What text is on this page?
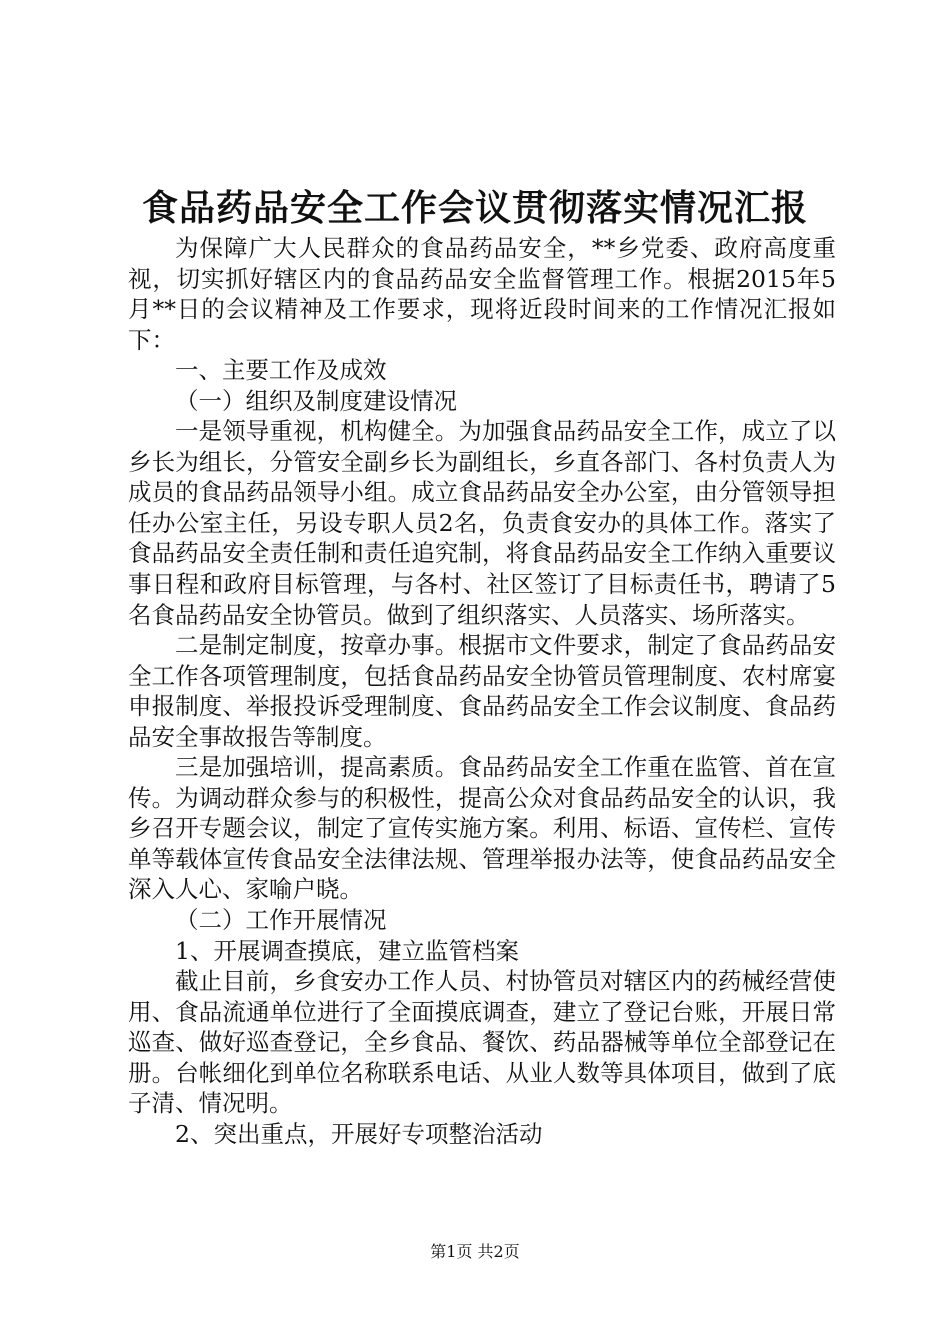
食品药品安全工作会议贯彻落实情况汇报

为保障广大人民群众的食品药品安全，**乡党委、政府高度重视，切实抓好辖区内的食品药品安全监督管理工作。根据2015年5月**日的会议精神及工作要求，现将近段时间来的工作情况汇报如下：

一、主要工作及成效

（一）组织及制度建设情况

一是领导重视，机构健全。为加强食品药品安全工作，成立了以乡长为组长，分管安全副乡长为副组长，乡直各部门、各村负责人为成员的食品药品领导小组。成立食品药品安全办公室，由分管领导担任办公室主任，另设专职人员2名，负责食安办的具体工作。落实了食品药品安全责任制和责任追究制，将食品药品安全工作纳入重要议事日程和政府目标管理，与各村、社区签订了目标责任书，聘请了5名食品药品安全协管员。做到了组织落实、人员落实、场所落实。

二是制定制度，按章办事。根据市文件要求，制定了食品药品安全工作各项管理制度，包括食品药品安全协管员管理制度、农村席宴申报制度、举报投诉受理制度、食品药品安全工作会议制度、食品药品安全事故报告等制度。

三是加强培训，提高素质。食品药品安全工作重在监管、首在宣传。为调动群众参与的积极性，提高公众对食品药品安全的认识，我乡召开专题会议，制定了宣传实施方案。利用、标语、宣传栏、宣传单等载体宣传食品安全法律法规、管理举报办法等，使食品药品安全深入人心、家喻户晓。

（二）工作开展情况

1、开展调查摸底，建立监管档案

截止目前，乡食安办工作人员、村协管员对辖区内的药械经营使用、食品流通单位进行了全面摸底调查，建立了登记台账，开展日常巡查、做好巡查登记，全乡食品、餐饮、药品器械等单位全部登记在册。台帐细化到单位名称联系电话、从业人数等具体项目，做到了底子清、情况明。

2、突出重点，开展好专项整治活动

第1页 共2页
